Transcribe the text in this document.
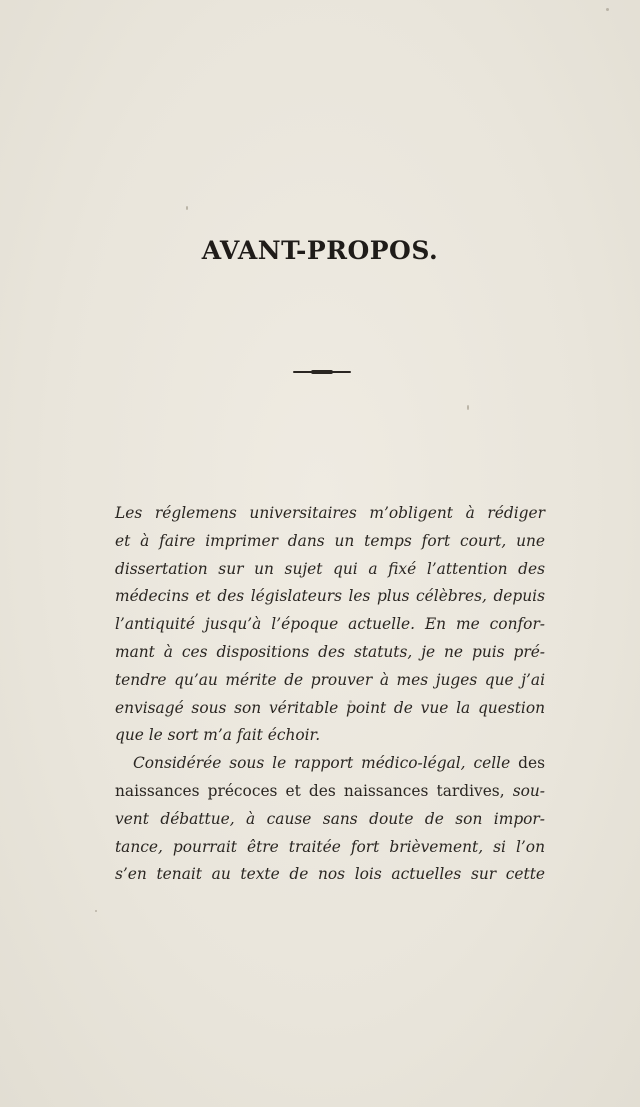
AVANT-PROPOS.
Les réglemens universitaires m’obligent à rédiger
et à faire imprimer dans un temps fort court, une
dissertation sur un sujet qui a fixé l’attention des
médecins et des législateurs les plus célèbres, depuis
l’antiquité jusqu’à l’époque actuelle. En me confor-
mant à ces dispositions des statuts, je ne puis pré-
tendre qu’au mérite de prouver à mes juges que j’ai
envisagé sous son véritable point de vue la question
que le sort m’a fait échoir.
Considérée sous le rapport médico-légal, celle des
naissances précoces et des naissances tardives, sou-
vent débattue, à cause sans doute de son impor-
tance, pourrait être traitée fort brièvement, si l’on
s’en tenait au texte de nos lois actuelles sur cette
